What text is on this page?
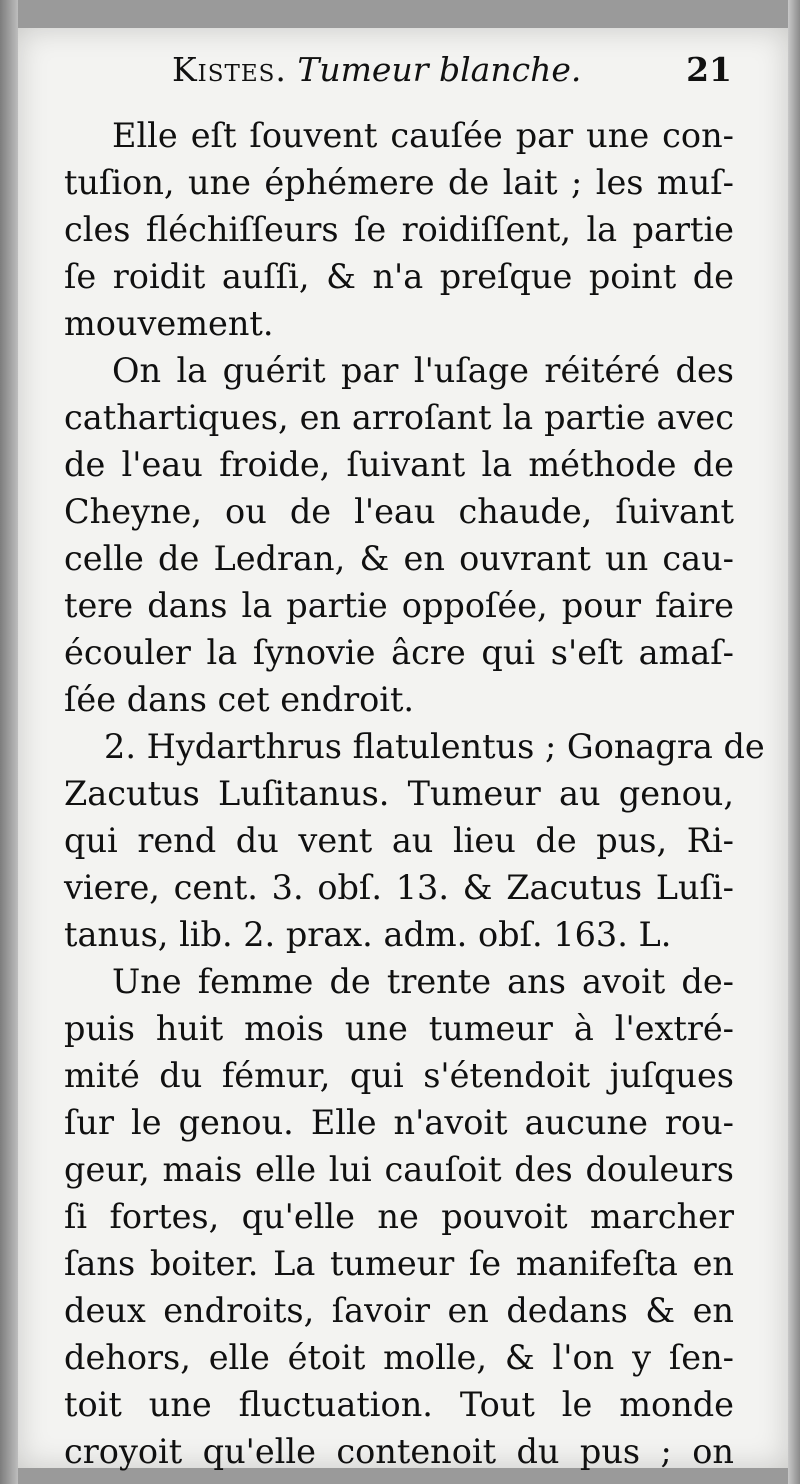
Kistes. Tumeur blanche.	21
Elle eſt ſouvent cauſée par une con-
tuſion, une éphémere de lait ; les muſ-
cles fléchiſſeurs ſe roidiſſent, la partie
ſe roidit auſſi, & n'a preſque point de
mouvement.
On la guérit par l'uſage réitéré des
cathartiques, en arroſant la partie avec
de l'eau froide, ſuivant la méthode de
Cheyne, ou de l'eau chaude, ſuivant
celle de Ledran, & en ouvrant un cau-
tere dans la partie oppoſée, pour faire
écouler la ſynovie âcre qui s'eſt amaſ-
ſée dans cet endroit.
2. Hydarthrus flatulentus ; Gonagra de
Zacutus Luſitanus. Tumeur au genou,
qui rend du vent au lieu de pus, Ri-
viere, cent. 3. obſ. 13. & Zacutus Luſi-
tanus, lib. 2. prax. adm. obſ. 163. L.
Une femme de trente ans avoit de-
puis huit mois une tumeur à l'extré-
mité du fémur, qui s'étendoit juſques
ſur le genou. Elle n'avoit aucune rou-
geur, mais elle lui cauſoit des douleurs
ſi fortes, qu'elle ne pouvoit marcher
ſans boiter. La tumeur ſe manifeſta en
deux endroits, ſavoir en dedans & en
dehors, elle étoit molle, & l'on y ſen-
toit une fluctuation. Tout le monde
croyoit qu'elle contenoit du pus ; on
